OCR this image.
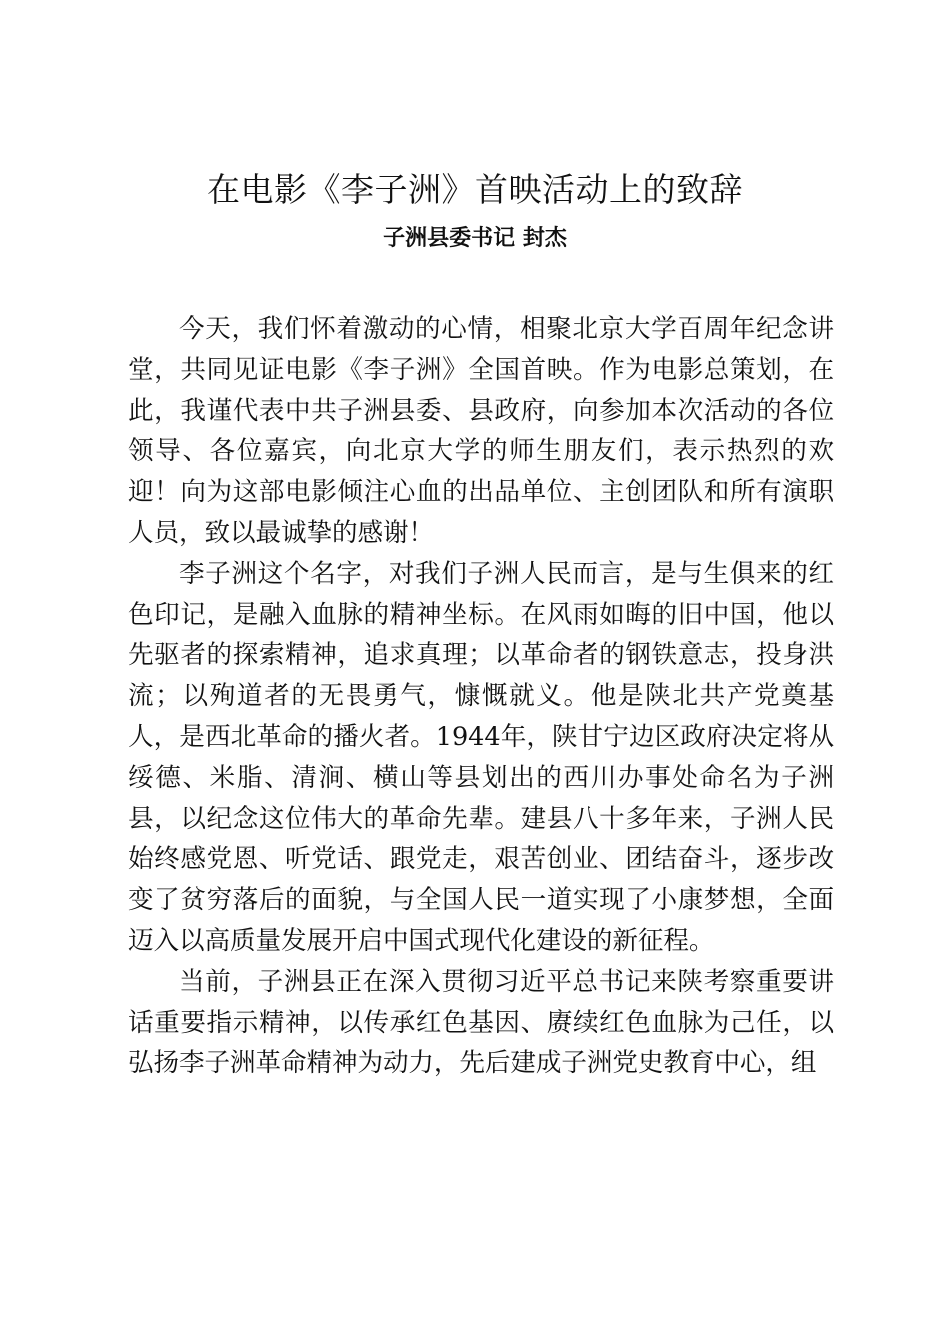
在电影《李子洲》首映活动上的致辞
子洲县委书记 封杰

今天，我们怀着激动的心情，相聚北京大学百周年纪念讲堂，共同见证电影《李子洲》全国首映。作为电影总策划，在此，我谨代表中共子洲县委、县政府，向参加本次活动的各位领导、各位嘉宾，向北京大学的师生朋友们，表示热烈的欢迎！向为这部电影倾注心血的出品单位、主创团队和所有演职人员，致以最诚挚的感谢！

李子洲这个名字，对我们子洲人民而言，是与生俱来的红色印记，是融入血脉的精神坐标。在风雨如晦的旧中国，他以先驱者的探索精神，追求真理；以革命者的钢铁意志，投身洪流；以殉道者的无畏勇气，慷慨就义。他是陕北共产党奠基人，是西北革命的播火者。1944年，陕甘宁边区政府决定将从绥德、米脂、清涧、横山等县划出的西川办事处命名为子洲县，以纪念这位伟大的革命先辈。建县八十多年来，子洲人民始终感党恩、听党话、跟党走，艰苦创业、团结奋斗，逐步改变了贫穷落后的面貌，与全国人民一道实现了小康梦想，全面迈入以高质量发展开启中国式现代化建设的新征程。

当前，子洲县正在深入贯彻习近平总书记来陕考察重要讲话重要指示精神，以传承红色基因、赓续红色血脉为己任，以弘扬李子洲革命精神为动力，先后建成子洲党史教育中心，组
